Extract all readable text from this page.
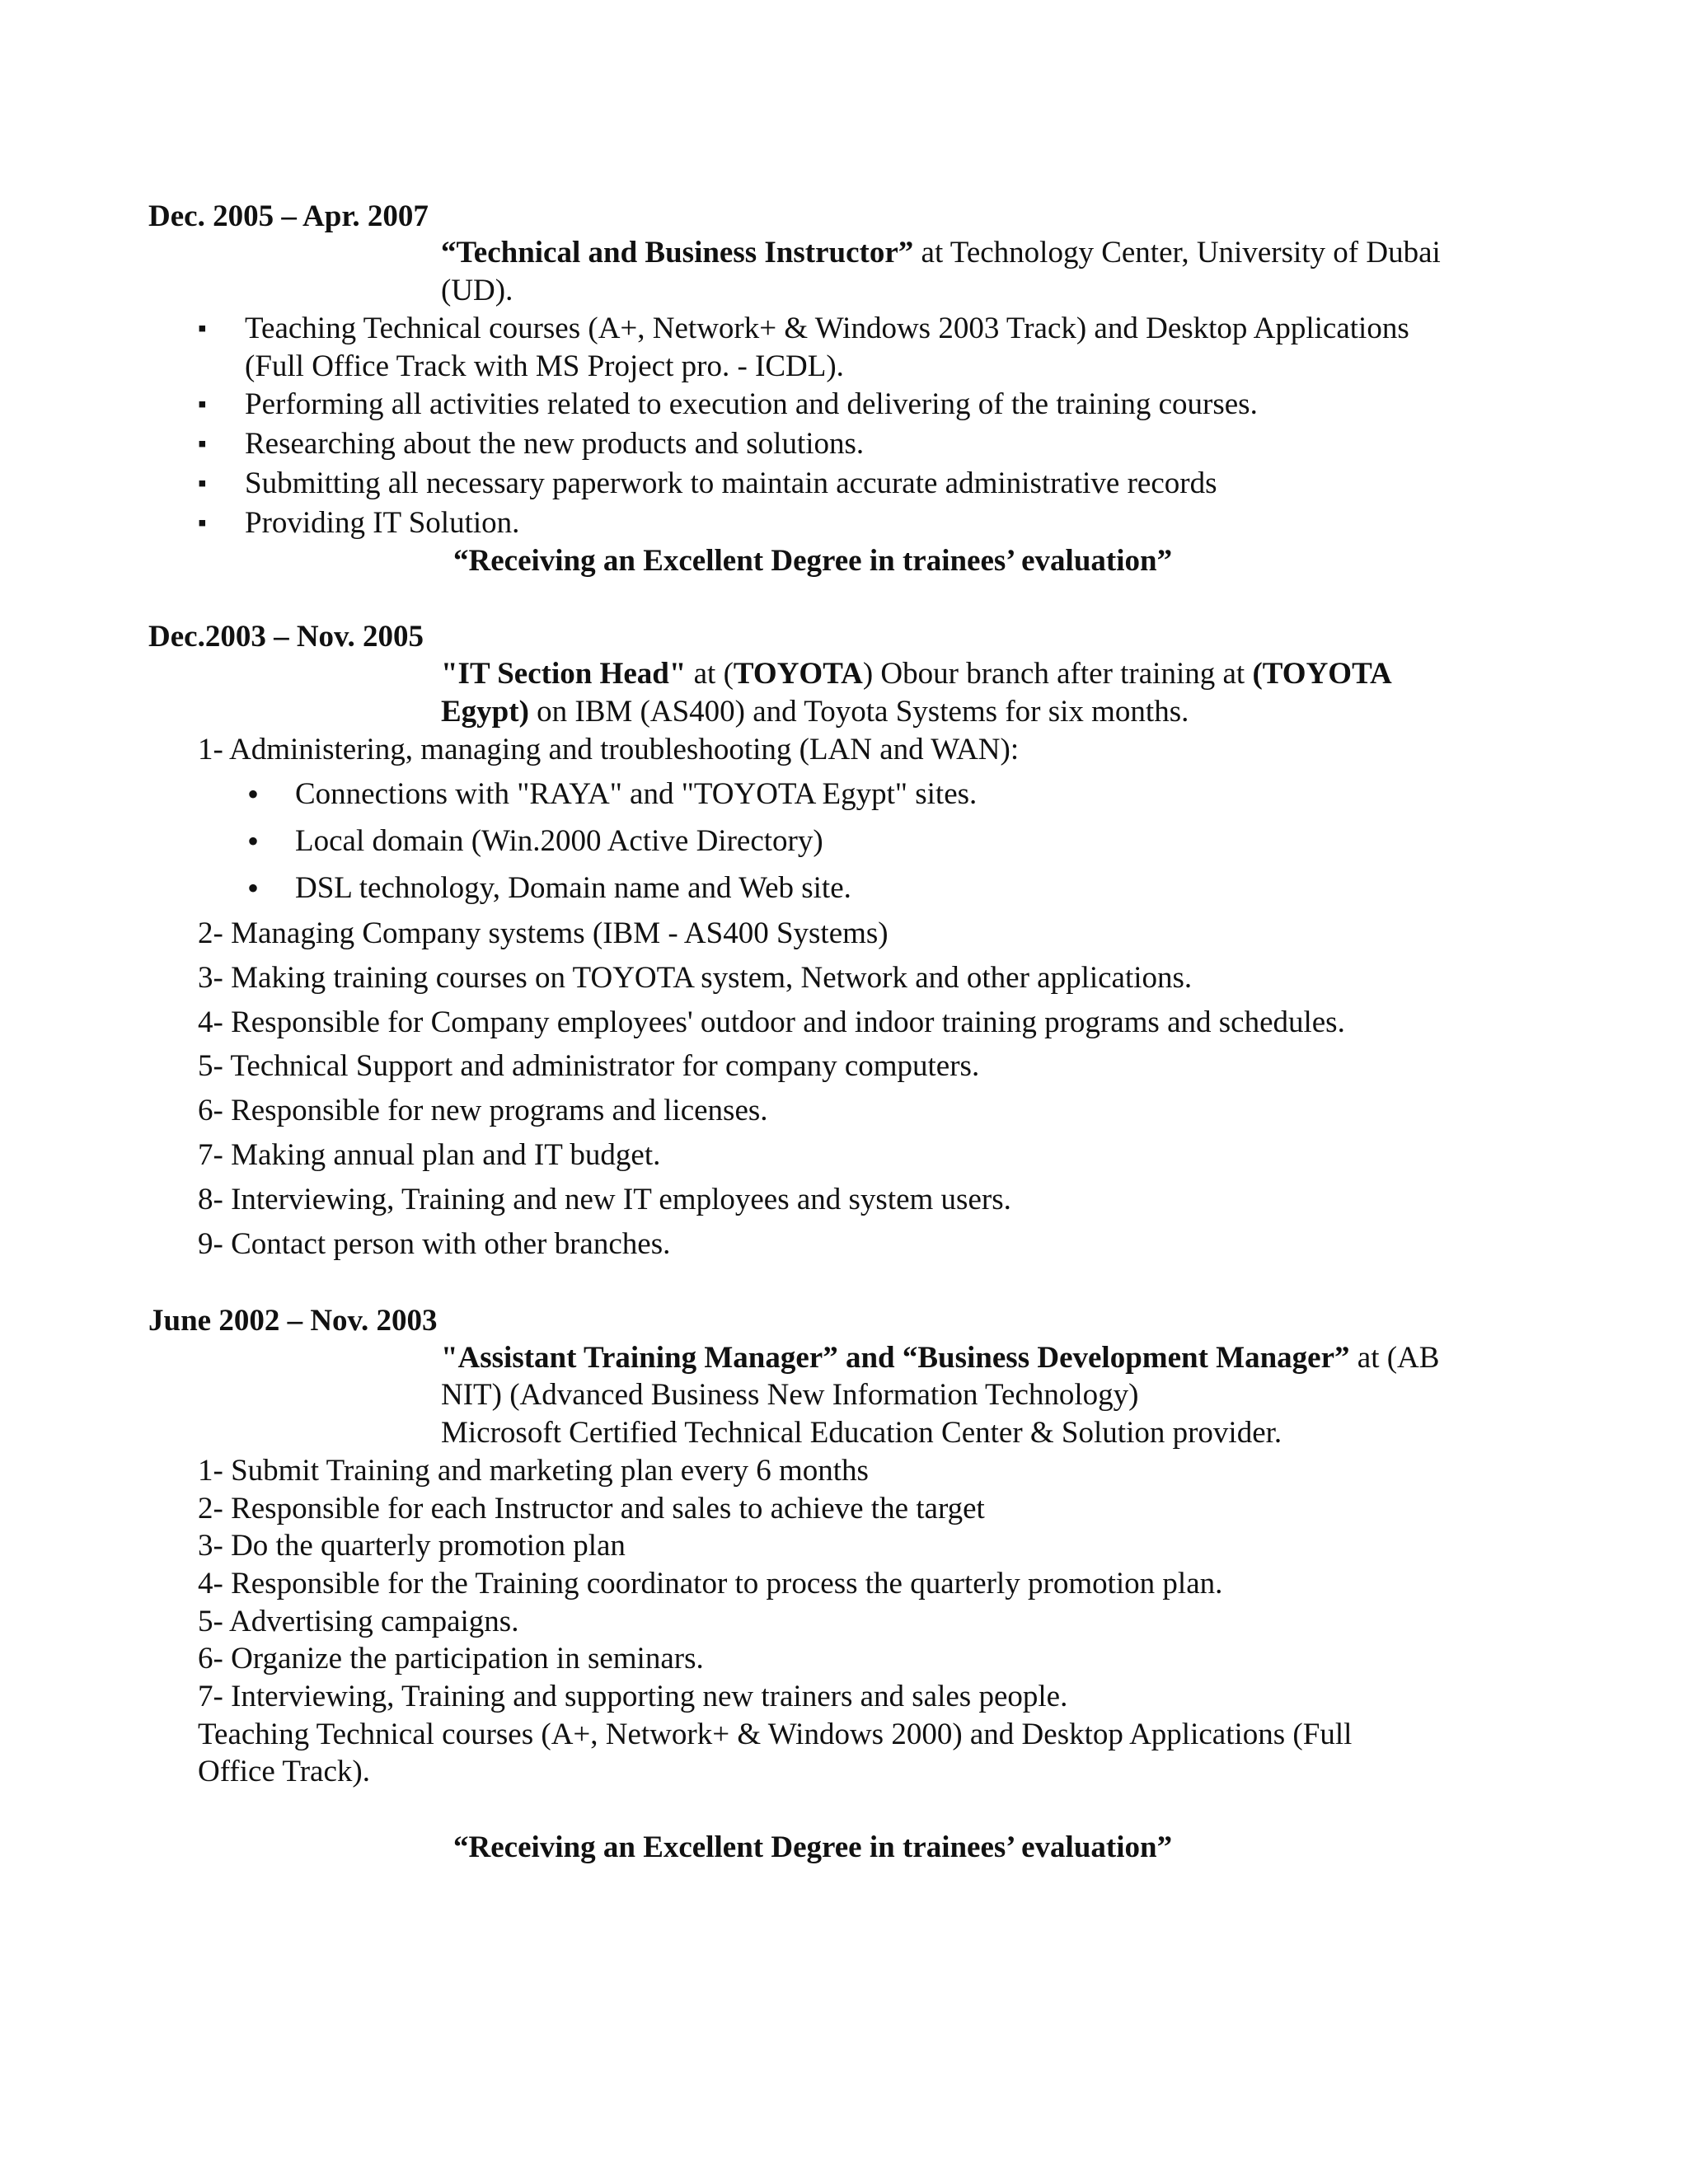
Dec. 2005 – Apr. 2007
“Technical and Business Instructor” at Technology Center, University of Dubai
(UD).
▪ Teaching Technical courses (A+, Network+ & Windows 2003 Track) and Desktop Applications
(Full Office Track with MS Project pro. - ICDL).
▪ Performing all activities related to execution and delivering of the training courses.
▪ Researching about the new products and solutions.
▪ Submitting all necessary paperwork to maintain accurate administrative records
▪ Providing IT Solution.
“Receiving an Excellent Degree in trainees’ evaluation”
Dec.2003 – Nov. 2005
"IT Section Head" at (TOYOTA) Obour branch after training at (TOYOTA
Egypt) on IBM (AS400) and Toyota Systems for six months.
1- Administering, managing and troubleshooting (LAN and WAN):
• Connections with "RAYA" and "TOYOTA Egypt" sites.
• Local domain (Win.2000 Active Directory)
• DSL technology, Domain name and Web site.
2- Managing Company systems (IBM - AS400 Systems)
3- Making training courses on TOYOTA system, Network and other applications.
4- Responsible for Company employees' outdoor and indoor training programs and schedules.
5- Technical Support and administrator for company computers.
6- Responsible for new programs and licenses.
7- Making annual plan and IT budget.
8- Interviewing, Training and new IT employees and system users.
9- Contact person with other branches.
June 2002 – Nov. 2003
"Assistant Training Manager” and “Business Development Manager” at (AB
NIT) (Advanced Business New Information Technology)
Microsoft Certified Technical Education Center & Solution provider.
1- Submit Training and marketing plan every 6 months
2- Responsible for each Instructor and sales to achieve the target
3- Do the quarterly promotion plan
4- Responsible for the Training coordinator to process the quarterly promotion plan.
5- Advertising campaigns.
6- Organize the participation in seminars.
7- Interviewing, Training and supporting new trainers and sales people.
Teaching Technical courses (A+, Network+ & Windows 2000) and Desktop Applications (Full
Office Track).
“Receiving an Excellent Degree in trainees’ evaluation”
